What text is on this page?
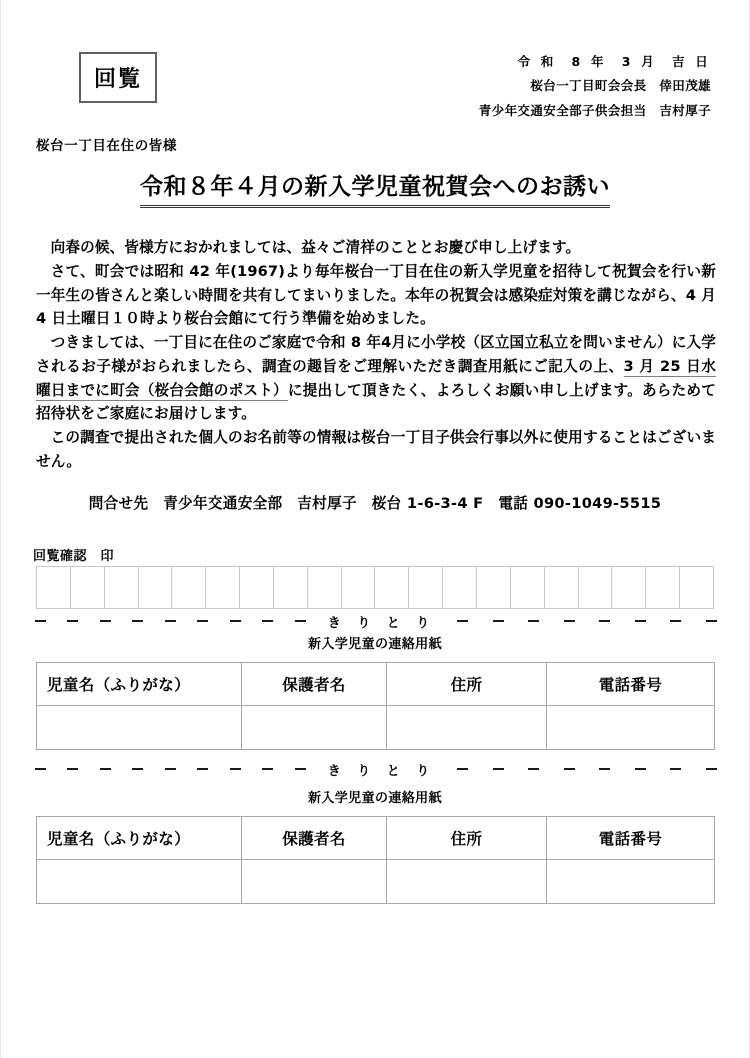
回覧
令 和  8 年  3 月  吉 日
桜台一丁目町会会長　倖田茂雄
青少年交通安全部子供会担当　吉村厚子
桜台一丁目在住の皆様
令和８年４月の新入学児童祝賀会へのお誘い

向春の候、皆様方におかれましては、益々ご清祥のこととお慶び申し上げます。

さて、町会では昭和 42 年(1967)より毎年桜台一丁目在住の新入学児童を招待して祝賀会を行い新一年生の皆さんと楽しい時間を共有してまいりました。本年の祝賀会は感染症対策を講じながら、4 月 4 日土曜日１０時より桜台会館にて行う準備を始めました。

つきましては、一丁目に在住のご家庭で令和 8 年4月に小学校（区立国立私立を問いません）に入学されるお子様がおられましたら、調査の趣旨をご理解いただき調査用紙にご記入の上、3 月 25 日水曜日までに町会（桜台会館のポスト）に提出して頂きたく、よろしくお願い申し上げます。あらためて招待状をご家庭にお届けします。

この調査で提出された個人のお名前等の情報は桜台一丁目子供会行事以外に使用することはございません。

問合せ先　青少年交通安全部　吉村厚子　桜台 1-6-3-4 F　電話 090-1049-5515
回覧確認　印
き り と り
新入学児童の連絡用紙
児童名（ふりがな）	保護者名	住所	電話番号

き り と り
新入学児童の連絡用紙
児童名（ふりがな）	保護者名	住所	電話番号
